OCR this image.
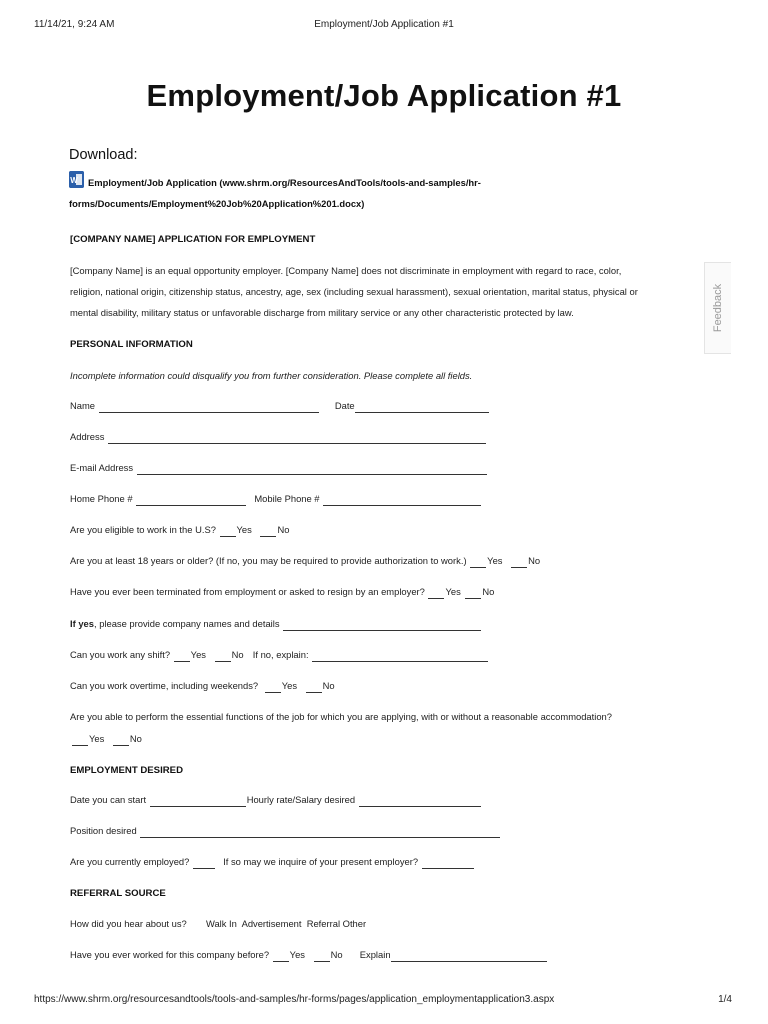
11/14/21, 9:24 AM	Employment/Job Application #1
Employment/Job Application #1
Download:
W Employment/Job Application (www.shrm.org/ResourcesAndTools/tools-and-samples/hr-
forms/Documents/Employment%20Job%20Application%201.docx)
[COMPANY NAME] APPLICATION FOR EMPLOYMENT
[Company Name] is an equal opportunity employer. [Company Name] does not discriminate in employment with regard to race, color,
religion, national origin, citizenship status, ancestry, age, sex (including sexual harassment), sexual orientation, marital status, physical or
mental disability, military status or unfavorable discharge from military service or any other characteristic protected by law.	Feedback
PERSONAL INFORMATION
Incomplete information could disqualify you from further consideration. Please complete all fields.
Name	Date
Address
E-mail Address
Home Phone #	Mobile Phone #
Are you eligible to work in the U.S? Yes	No
Are you at least 18 years or older? (If no, you may be required to provide authorization to work.) Yes	No
Have you ever been terminated from employment or asked to resign by an employer? Yes No
If yes, please provide company names and details
Can you work any shift? Yes	No If no, explain:
Can you work overtime, including weekends?	Yes	No
Are you able to perform the essential functions of the job for which you are applying, with or without a reasonable accommodation?
Yes	No
EMPLOYMENT DESIRED
Date you can start	Hourly rate/Salary desired
Position desired
Are you currently employed?	If so may we inquire of your present employer?
REFERRAL SOURCE
How did you hear about us? Walk In  Advertisement  Referral Other
Have you ever worked for this company before? Yes	No Explain
https://www.shrm.org/resourcesandtools/tools-and-samples/hr-forms/pages/application_employmentapplication3.aspx	1/4
